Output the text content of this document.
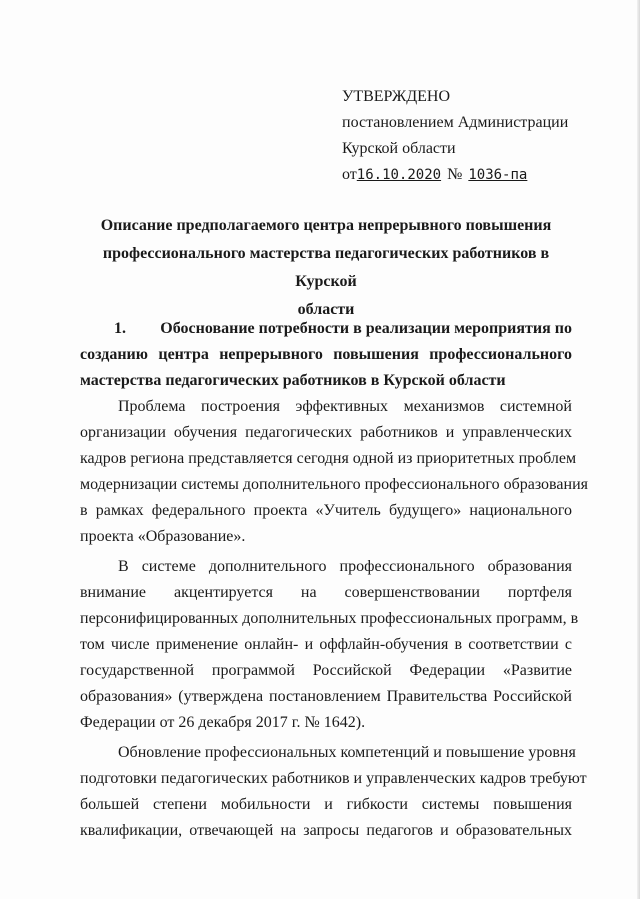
УТВЕРЖДЕНО
постановлением Администрации
Курской области
от16.10.2020 № 1036-па
Описание предполагаемого центра непрерывного повышения
профессионального мастерства педагогических работников в Курской
области
1.	Обоснование потребности в реализации мероприятия по
созданию центра непрерывного повышения профессионального
мастерства педагогических работников в Курской области
Проблема построения эффективных механизмов системной
организации обучения педагогических работников и управленческих
кадров региона представляется сегодня одной из приоритетных проблем
модернизации системы дополнительного профессионального образования
в рамках федерального проекта «Учитель будущего» национального
проекта «Образование».
В системе дополнительного профессионального образования
внимание акцентируется на совершенствовании портфеля
персонифицированных дополнительных профессиональных программ, в
том числе применение онлайн- и оффлайн-обучения в соответствии с
государственной программой Российской Федерации «Развитие
образования» (утверждена постановлением Правительства Российской
Федерации от 26 декабря 2017 г. № 1642).
Обновление профессиональных компетенций и повышение уровня
подготовки педагогических работников и управленческих кадров требуют
большей степени мобильности и гибкости системы повышения
квалификации, отвечающей на запросы педагогов и образовательных
